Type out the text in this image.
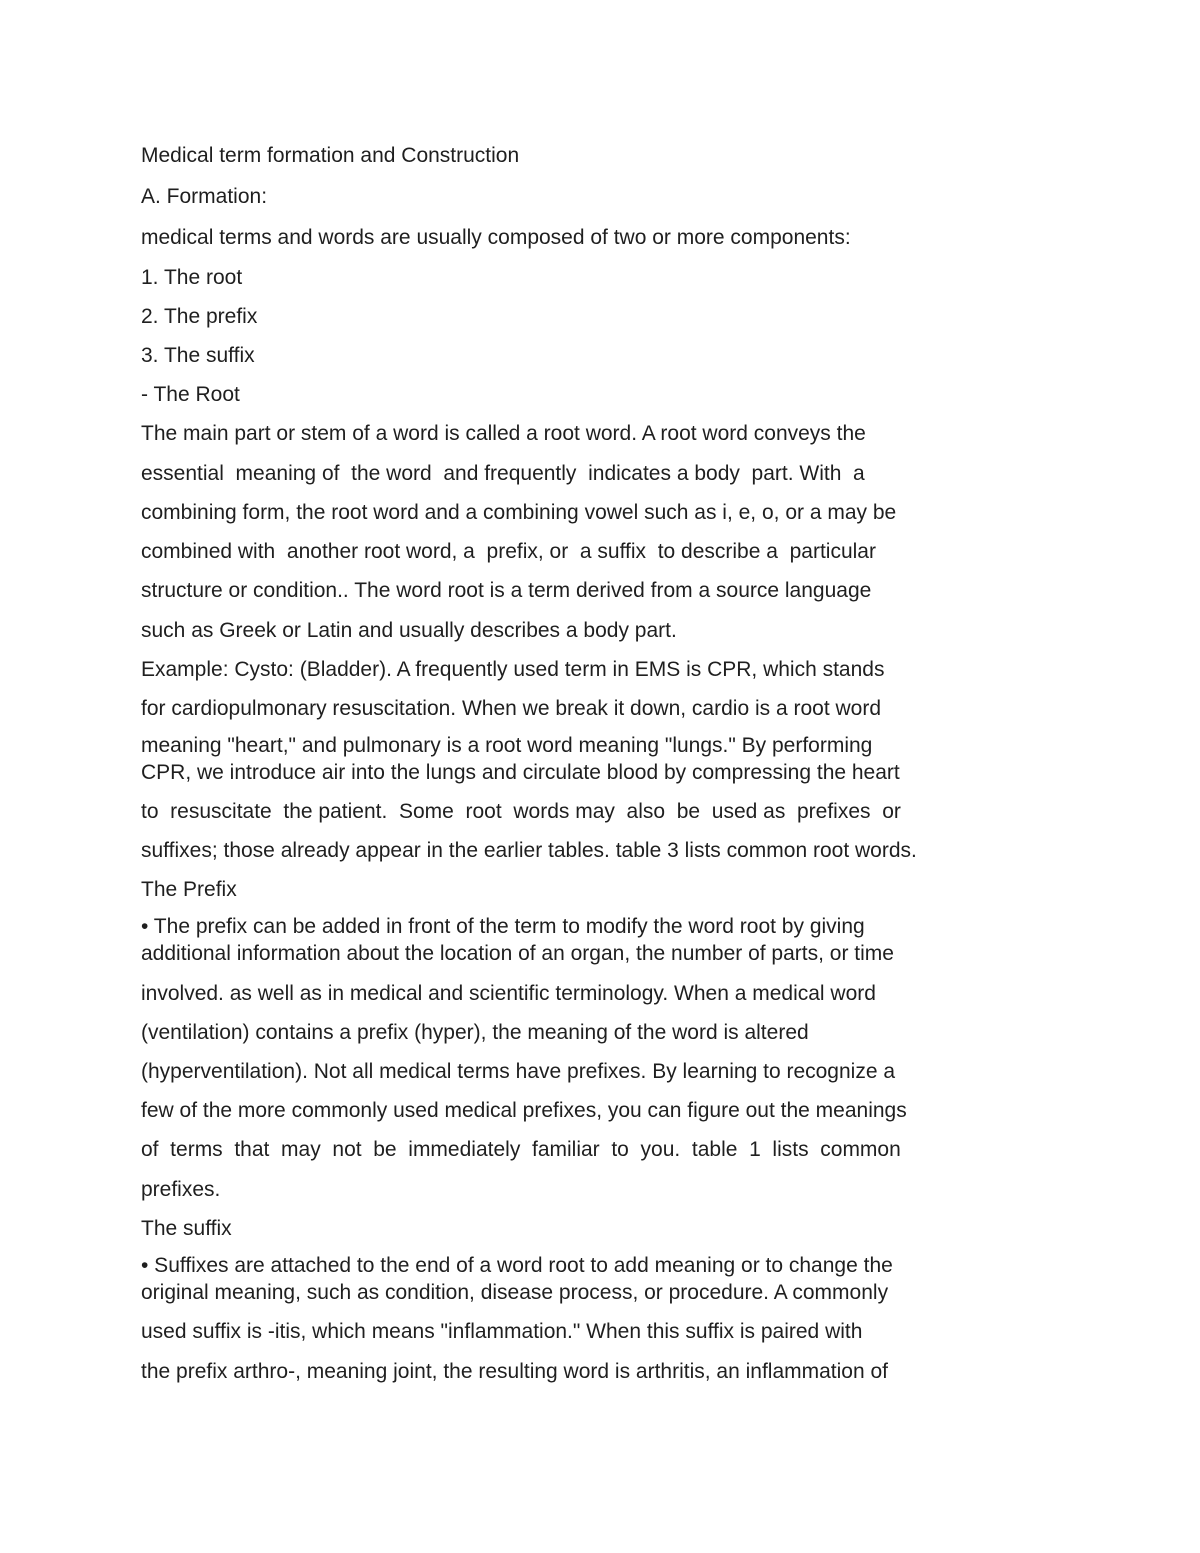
Medical term formation and Construction

A. Formation:

medical terms and words are usually composed of two or more components:

1. The root

2. The prefix

3. The suffix

- The Root

The main part or stem of a word is called a root word. A root word conveys the

essential  meaning of  the word  and frequently  indicates a body  part. With  a

combining form, the root word and a combining vowel such as i, e, o, or a may be

combined with  another root word, a  prefix, or  a suffix  to describe a  particular

structure or condition.. The word root is a term derived from a source language

such as Greek or Latin and usually describes a body part.

Example: Cysto: (Bladder). A frequently used term in EMS is CPR, which stands

for cardiopulmonary resuscitation. When we break it down, cardio is a root word

meaning "heart," and pulmonary is a root word meaning "lungs." By performing

CPR, we introduce air into the lungs and circulate blood by compressing the heart

to  resuscitate  the patient.  Some  root  words may  also  be  used as  prefixes  or

suffixes; those already appear in the earlier tables. table 3 lists common root words.

The Prefix

• The prefix can be added in front of the term to modify the word root by giving

additional information about the location of an organ, the number of parts, or time

involved. as well as in medical and scientific terminology. When a medical word

(ventilation) contains a prefix (hyper), the meaning of the word is altered

(hyperventilation). Not all medical terms have prefixes. By learning to recognize a

few of the more commonly used medical prefixes, you can figure out the meanings

of  terms  that  may  not  be  immediately  familiar  to  you.  table  1  lists  common

prefixes.

The suffix

• Suffixes are attached to the end of a word root to add meaning or to change the

original meaning, such as condition, disease process, or procedure. A commonly

used suffix is -itis, which means "inflammation." When this suffix is paired with

the prefix arthro-, meaning joint, the resulting word is arthritis, an inflammation of
